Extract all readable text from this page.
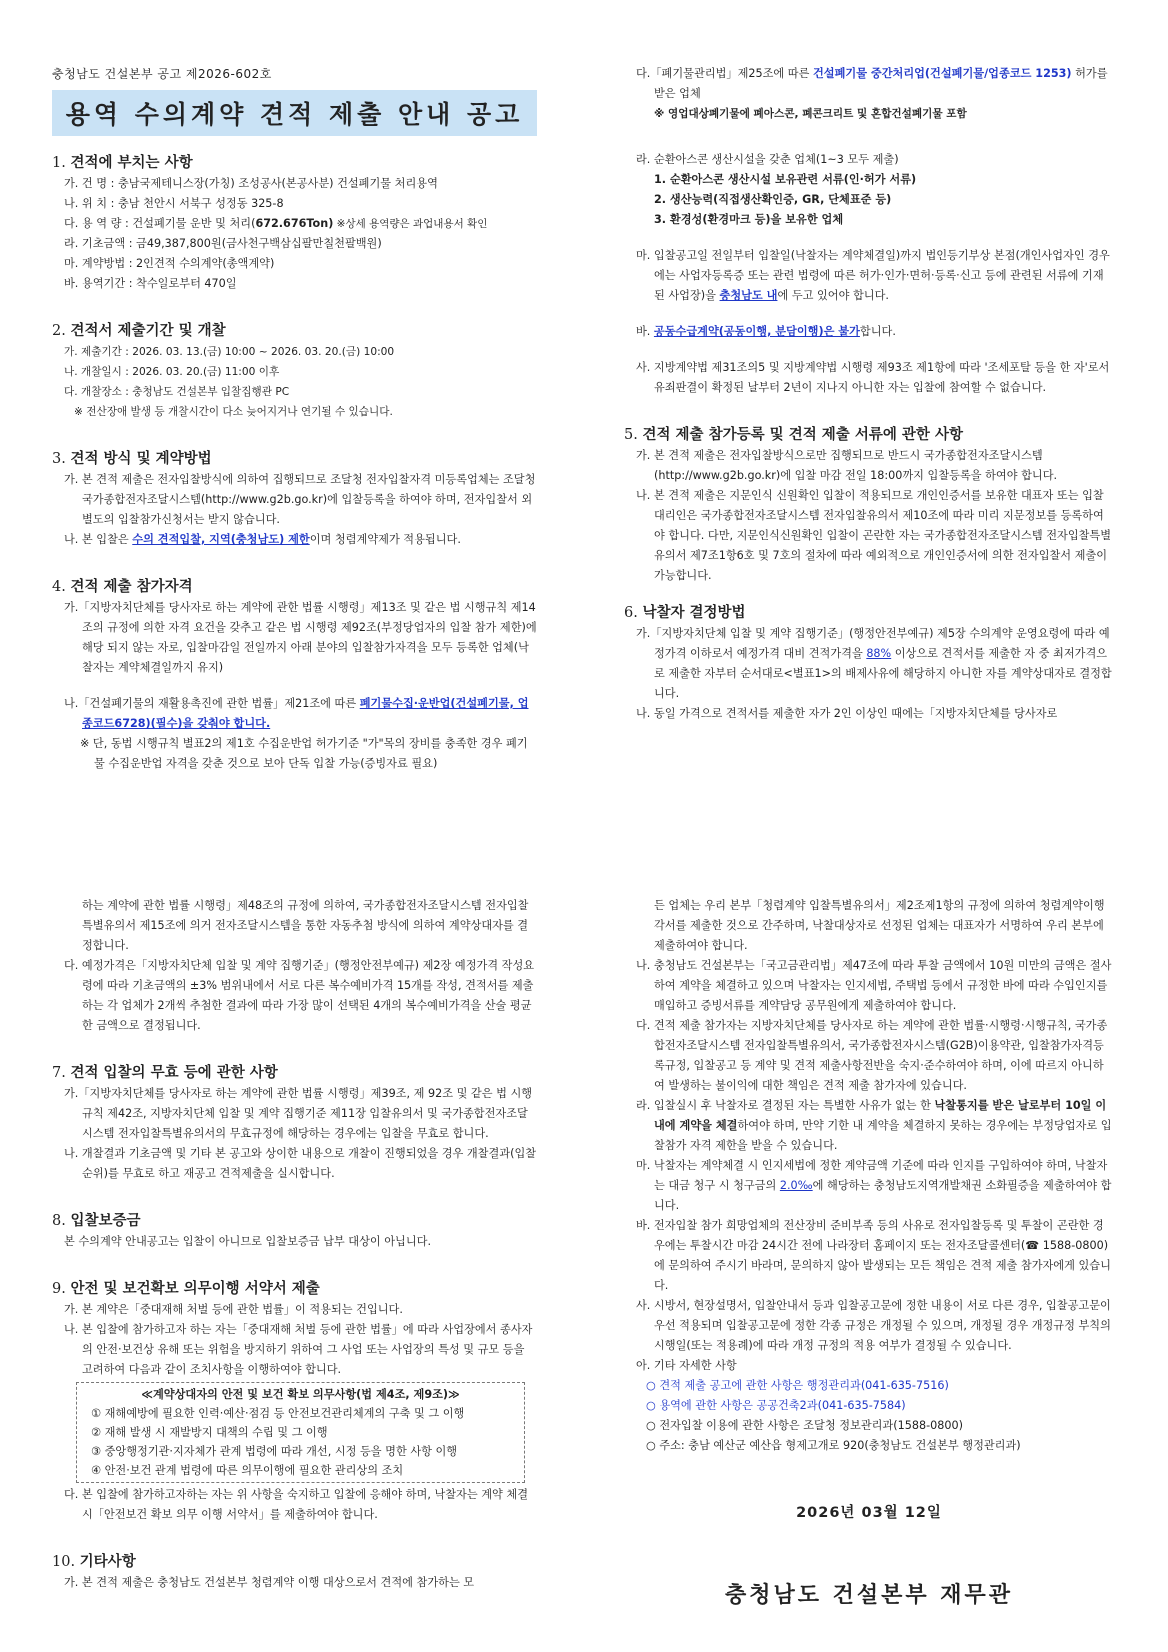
충청남도 건설본부 공고 제2026-602호

용역 수의계약 견적 제출 안내 공고

1. 견적에 부치는 사항

가. 건 명 : 충남국제테니스장(가칭) 조성공사(본공사분) 건설폐기물 처리용역

나. 위 치 : 충남 천안시 서북구 성정동 325-8

다. 용 역 량 : 건설폐기물 운반 및 처리(672.676Ton) ※상세 용역량은 과업내용서 확인

라. 기초금액 : 금49,387,800원(금사천구백삼십팔만칠천팔백원)

마. 계약방법 : 2인견적 수의계약(총액계약)

바. 용역기간 : 착수일로부터 470일

2. 견적서 제출기간 및 개찰

가. 제출기간 : 2026. 03. 13.(금) 10:00 ~ 2026. 03. 20.(금) 10:00

나. 개찰일시 : 2026. 03. 20.(금) 11:00 이후

다. 개찰장소 : 충청남도 건설본부 입찰집행관 PC

※ 전산장애 발생 등 개찰시간이 다소 늦어지거나 연기될 수 있습니다.

3. 견적 방식 및 계약방법

가. 본 견적 제출은 전자입찰방식에 의하여 집행되므로 조달청 전자입찰자격 미등록업체는 조달청 국가종합전자조달시스템(http://www.g2b.go.kr)에 입찰등록을 하여야 하며, 전자입찰서 외 별도의 입찰참가신청서는 받지 않습니다.

나. 본 입찰은 수의 견적입찰, 지역(충청남도) 제한이며 청렴계약제가 적용됩니다.

4. 견적 제출 참가자격

가.「지방자치단체를 당사자로 하는 계약에 관한 법률 시행령」제13조 및 같은 법 시행규칙 제14조의 규정에 의한 자격 요건을 갖추고 같은 법 시행령 제92조(부정당업자의 입찰 참가 제한)에 해당 되지 않는 자로, 입찰마감일 전일까지 아래 분야의 입찰참가자격을 모두 등록한 업체(낙찰자는 계약체결일까지 유지)

나.「건설폐기물의 재활용촉진에 관한 법률」제21조에 따른 폐기물수집·운반업(건설폐기물, 업종코드6728)(필수)을 갖춰야 합니다.

※ 단, 동법 시행규칙 별표2의 제1호 수집운반업 허가기준 "가"목의 장비를 충족한 경우 폐기물 수집운반업 자격을 갖춘 것으로 보아 단독 입찰 가능(증빙자료 필요)

다.「폐기물관리법」제25조에 따른 건설폐기물 중간처리업(건설폐기물/업종코드 1253) 허가를 받은 업체

※ 영업대상폐기물에 폐아스콘, 폐콘크리트 및 혼합건설폐기물 포함

라. 순환아스콘 생산시설을 갖춘 업체(1~3 모두 제출)

1. 순환아스콘 생산시설 보유관련 서류(인·허가 서류)

2. 생산능력(직접생산확인증, GR, 단체표준 등)

3. 환경성(환경마크 등)을 보유한 업체

마. 입찰공고일 전일부터 입찰일(낙찰자는 계약체결일)까지 법인등기부상 본점(개인사업자인 경우에는 사업자등록증 또는 관련 법령에 따른 허가·인가·면허·등록·신고 등에 관련된 서류에 기재된 사업장)을 충청남도 내에 두고 있어야 합니다.

바. 공동수급계약(공동이행, 분담이행)은 불가합니다.

사. 지방계약법 제31조의5 및 지방계약법 시행령 제93조 제1항에 따라 '조세포탈 등을 한 자'로서 유죄판결이 확정된 날부터 2년이 지나지 아니한 자는 입찰에 참여할 수 없습니다.

5. 견적 제출 참가등록 및 견적 제출 서류에 관한 사항

가. 본 견적 제출은 전자입찰방식으로만 집행되므로 반드시 국가종합전자조달시스템(http://www.g2b.go.kr)에 입찰 마감 전일 18:00까지 입찰등록을 하여야 합니다.

나. 본 견적 제출은 지문인식 신원확인 입찰이 적용되므로 개인인증서를 보유한 대표자 또는 입찰대리인은 국가종합전자조달시스템 전자입찰유의서 제10조에 따라 미리 지문정보를 등록하여야 합니다. 다만, 지문인식신원확인 입찰이 곤란한 자는 국가종합전자조달시스템 전자입찰특별유의서 제7조1항6호 및 7호의 절차에 따라 예외적으로 개인인증서에 의한 전자입찰서 제출이 가능합니다.

6. 낙찰자 결정방법

가.「지방자치단체 입찰 및 계약 집행기준」(행정안전부예규) 제5장 수의계약 운영요령에 따라 예정가격 이하로서 예정가격 대비 견적가격을 88% 이상으로 견적서를 제출한 자 중 최저가격으로 제출한 자부터 순서대로<별표1>의 배제사유에 해당하지 아니한 자를 계약상대자로 결정합니다.

나. 동일 가격으로 견적서를 제출한 자가 2인 이상인 때에는「지방자치단체를 당사자로

하는 계약에 관한 법률 시행령」제48조의 규정에 의하여, 국가종합전자조달시스템 전자입찰특별유의서 제15조에 의거 전자조달시스템을 통한 자동추첨 방식에 의하여 계약상대자를 결정합니다.

다. 예정가격은「지방자치단체 입찰 및 계약 집행기준」(행정안전부예규) 제2장 예정가격 작성요령에 따라 기초금액의 ±3% 범위내에서 서로 다른 복수예비가격 15개를 작성, 견적서를 제출하는 각 업체가 2개씩 추첨한 결과에 따라 가장 많이 선택된 4개의 복수예비가격을 산술 평균한 금액으로 결정됩니다.

7. 견적 입찰의 무효 등에 관한 사항

가.「지방자치단체를 당사자로 하는 계약에 관한 법률 시행령」제39조, 제 92조 및 같은 법 시행규칙 제42조, 지방자치단체 입찰 및 계약 집행기준 제11장 입찰유의서 및 국가종합전자조달시스템 전자입찰특별유의서의 무효규정에 해당하는 경우에는 입찰을 무효로 합니다.

나. 개찰결과 기초금액 및 기타 본 공고와 상이한 내용으로 개찰이 진행되었을 경우 개찰결과(입찰순위)를 무효로 하고 재공고 견적제출을 실시합니다.

8. 입찰보증금

본 수의계약 안내공고는 입찰이 아니므로 입찰보증금 납부 대상이 아닙니다.

9. 안전 및 보건확보 의무이행 서약서 제출

가. 본 계약은「중대재해 처벌 등에 관한 법률」이 적용되는 건입니다.

나. 본 입찰에 참가하고자 하는 자는「중대재해 처벌 등에 관한 법률」에 따라 사업장에서 종사자의 안전·보건상 유해 또는 위험을 방지하기 위하여 그 사업 또는 사업장의 특성 및 규모 등을 고려하여 다음과 같이 조치사항을 이행하여야 합니다.

≪계약상대자의 안전 및 보건 확보 의무사항(법 제4조, 제9조)≫

① 재해예방에 필요한 인력·예산·점검 등 안전보건관리체계의 구축 및 그 이행

② 재해 발생 시 재발방지 대책의 수립 및 그 이행

③ 중앙행정기관·지자체가 관계 법령에 따라 개선, 시정 등을 명한 사항 이행

④ 안전·보건 관계 법령에 따른 의무이행에 필요한 관리상의 조치

다. 본 입찰에 참가하고자하는 자는 위 사항을 숙지하고 입찰에 응해야 하며, 낙찰자는 계약 체결 시「안전보건 확보 의무 이행 서약서」를 제출하여야 합니다.

10. 기타사항

가. 본 견적 제출은 충청남도 건설본부 청렴계약 이행 대상으로서 견적에 참가하는 모

든 업체는 우리 본부「청렴계약 입찰특별유의서」제2조제1항의 규정에 의하여 청렴계약이행 각서를 제출한 것으로 간주하며, 낙찰대상자로 선정된 업체는 대표자가 서명하여 우리 본부에 제출하여야 합니다.

나. 충청남도 건설본부는「국고금관리법」제47조에 따라 투찰 금액에서 10원 미만의 금액은 절사하여 계약을 체결하고 있으며 낙찰자는 인지세법, 주택법 등에서 규정한 바에 따라 수입인지를 매입하고 증빙서류를 계약담당 공무원에게 제출하여야 합니다.

다. 견적 제출 참가자는 지방자치단체를 당사자로 하는 계약에 관한 법률·시행령·시행규칙, 국가종합전자조달시스템 전자입찰특별유의서, 국가종합전자시스템(G2B)이용약관, 입찰참가자격등록규정, 입찰공고 등 계약 및 견적 제출사항전반을 숙지·준수하여야 하며, 이에 따르지 아니하여 발생하는 불이익에 대한 책임은 견적 제출 참가자에 있습니다.

라. 입찰실시 후 낙찰자로 결정된 자는 특별한 사유가 없는 한 낙찰통지를 받은 날로부터 10일 이내에 계약을 체결하여야 하며, 만약 기한 내 계약을 체결하지 못하는 경우에는 부정당업자로 입찰참가 자격 제한을 받을 수 있습니다.

마. 낙찰자는 계약체결 시 인지세법에 정한 계약금액 기준에 따라 인지를 구입하여야 하며, 낙찰자는 대금 청구 시 청구금의 2.0‰에 해당하는 충청남도지역개발채권 소화필증을 제출하여야 합니다.

바. 전자입찰 참가 희망업체의 전산장비 준비부족 등의 사유로 전자입찰등록 및 투찰이 곤란한 경우에는 투찰시간 마감 24시간 전에 나라장터 홈페이지 또는 전자조달콜센터(☎ 1588-0800)에 문의하여 주시기 바라며, 문의하지 않아 발생되는 모든 책임은 견적 제출 참가자에게 있습니다.

사. 시방서, 현장설명서, 입찰안내서 등과 입찰공고문에 정한 내용이 서로 다른 경우, 입찰공고문이 우선 적용되며 입찰공고문에 정한 각종 규정은 개정될 수 있으며, 개정될 경우 개정규정 부칙의 시행일(또는 적용례)에 따라 개정 규정의 적용 여부가 결정될 수 있습니다.

아. 기타 자세한 사항

○ 견적 제출 공고에 관한 사항은 행정관리과(041-635-7516)

○ 용역에 관한 사항은 공공건축2과(041-635-7584)

○ 전자입찰 이용에 관한 사항은 조달청 정보관리과(1588-0800)

○ 주소: 충남 예산군 예산읍 형제고개로 920(충청남도 건설본부 행정관리과)

2026년 03월 12일

충청남도 건설본부 재무관
